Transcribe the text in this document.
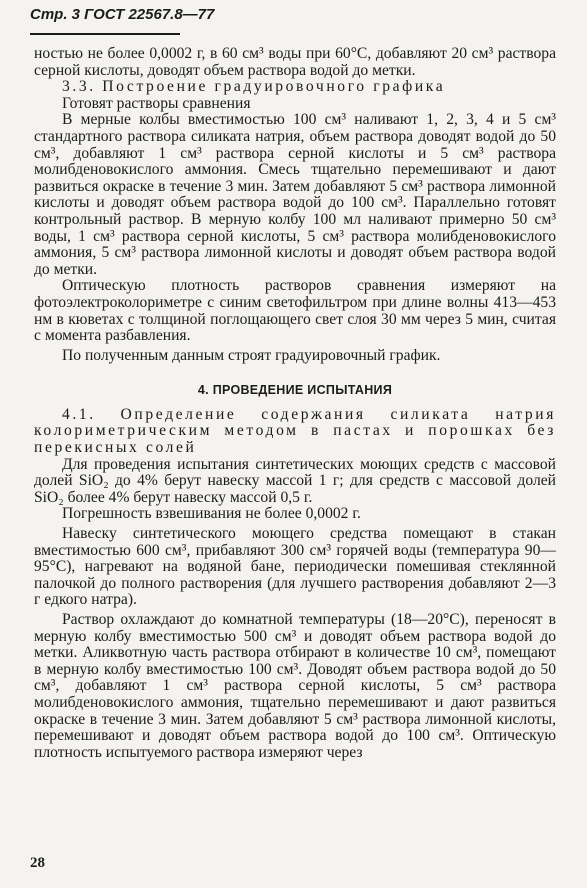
Стр. 3 ГОСТ 22567.8—77

ностью не более 0,0002 г, в 60 см³ воды при 60°С, добавляют 20 см³ раствора серной кислоты, доводят объем раствора водой до метки.

3.3. Построение градуировочного графика

Готовят растворы сравнения

В мерные колбы вместимостью 100 см³ наливают 1, 2, 3, 4 и 5 см³ стандартного раствора силиката натрия, объем раствора доводят водой до 50 см³, добавляют 1 см³ раствора серной кислоты и 5 см³ раствора молибденовокислого аммония. Смесь тщательно перемешивают и дают развиться окраске в течение 3 мин. Затем добавляют 5 см³ раствора лимонной кислоты и доводят объем раствора водой до 100 см³. Параллельно готовят контрольный раствор. В мерную колбу 100 мл наливают примерно 50 см³ воды, 1 см³ раствора серной кислоты, 5 см³ раствора молибденовокислого аммония, 5 см³ раствора лимонной кислоты и доводят объем раствора водой до метки.

Оптическую плотность растворов сравнения измеряют на фотоэлектроколориметре с синим светофильтром при длине волны 413—453 нм в кюветах с толщиной поглощающего свет слоя 30 мм через 5 мин, считая с момента разбавления.

По полученным данным строят градуировочный график.

4. ПРОВЕДЕНИЕ ИСПЫТАНИЯ

4.1. Определение содержания силиката натрия колориметрическим методом в пастах и порошках без перекисных солей

Для проведения испытания синтетических моющих средств с массовой долей SiO₂ до 4% берут навеску массой 1 г; для средств с массовой долей SiO₂ более 4% берут навеску массой 0,5 г.

Погрешность взвешивания не более 0,0002 г.

Навеску синтетического моющего средства помещают в стакан вместимостью 600 см³, прибавляют 300 см³ горячей воды (температура 90—95°С), нагревают на водяной бане, периодически помешивая стеклянной палочкой до полного растворения (для лучшего растворения добавляют 2—3 г едкого натра).

Раствор охлаждают до комнатной температуры (18—20°С), переносят в мерную колбу вместимостью 500 см³ и доводят объем раствора водой до метки. Аликвотную часть раствора отбирают в количестве 10 см³, помещают в мерную колбу вместимостью 100 см³. Доводят объем раствора водой до 50 см³, добавляют 1 см³ раствора серной кислоты, 5 см³ раствора молибденовокислого аммония, тщательно перемешивают и дают развиться окраске в течение 3 мин. Затем добавляют 5 см³ раствора лимонной кислоты, перемешивают и доводят объем раствора водой до 100 см³. Оптическую плотность испытуемого раствора измеряют через

28
